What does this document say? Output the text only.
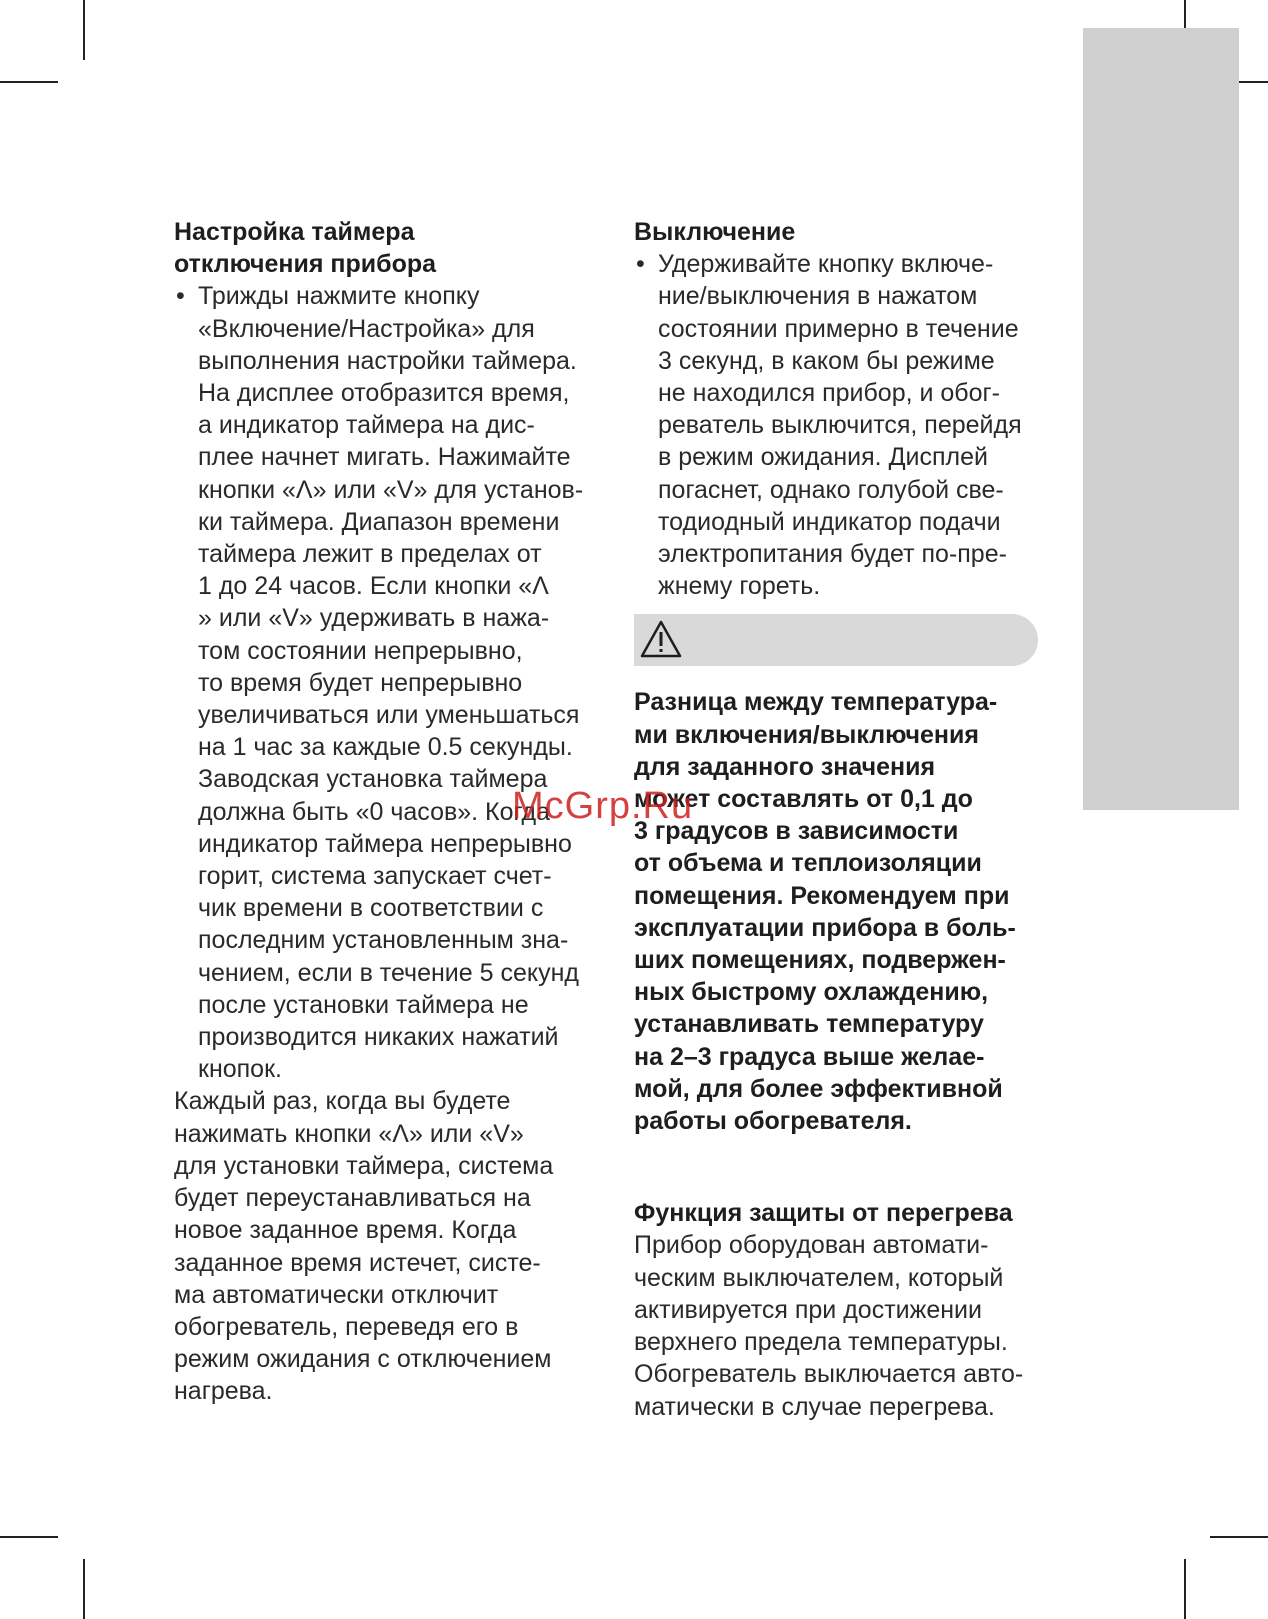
Настройка таймера
отключения прибора

• Трижды нажмите кнопку
«Включение/Настройка» для
выполнения настройки таймера.
На дисплее отобразится время,
а индикатор таймера на дис-
плее начнет мигать. Нажимайте
кнопки «Λ» или «V» для установ-
ки таймера. Диапазон времени
таймера лежит в пределах от
1 до 24 часов. Если кнопки «Λ
» или «V» удерживать в нажа-
том состоянии непрерывно,
то время будет непрерывно
увеличиваться или уменьшаться
на 1 час за каждые 0.5 секунды.
Заводская установка таймера
должна быть «0 часов». Когда
индикатор таймера непрерывно
горит, система запускает счет-
чик времени в соответствии с
последним установленным зна-
чением, если в течение 5 секунд
после установки таймера не
производится никаких нажатий
кнопок.

Каждый раз, когда вы будете
нажимать кнопки «Λ» или «V»
для установки таймера, система
будет переустанавливаться на
новое заданное время. Когда
заданное время истечет, систе-
ма автоматически отключит
обогреватель, переведя его в
режим ожидания с отключением
нагрева.

Выключение

• Удерживайте кнопку включе-
ние/выключения в нажатом
состоянии примерно в течение
3 секунд, в каком бы режиме
не находился прибор, и обог-
реватель выключится, перейдя
в режим ожидания. Дисплей
погаснет, однако голубой све-
тодиодный индикатор подачи
электропитания будет по-пре-
жнему гореть.

Разница между температура-
ми включения/выключения
для заданного значения
может составлять от 0,1 до
3 градусов в зависимости
от объема и теплоизоляции
помещения. Рекомендуем при
эксплуатации прибора в боль-
ших помещениях, подвержен-
ных быстрому охлаждению,
устанавливать температуру
на 2–3 градуса выше желае-
мой, для более эффективной
работы обогревателя.

Функция защиты от перегрева

Прибор оборудован автомати-
ческим выключателем, который
активируется при достижении
верхнего предела температуры.
Обогреватель выключается авто-
матически в случае перегрева.

McGrp.Ru
